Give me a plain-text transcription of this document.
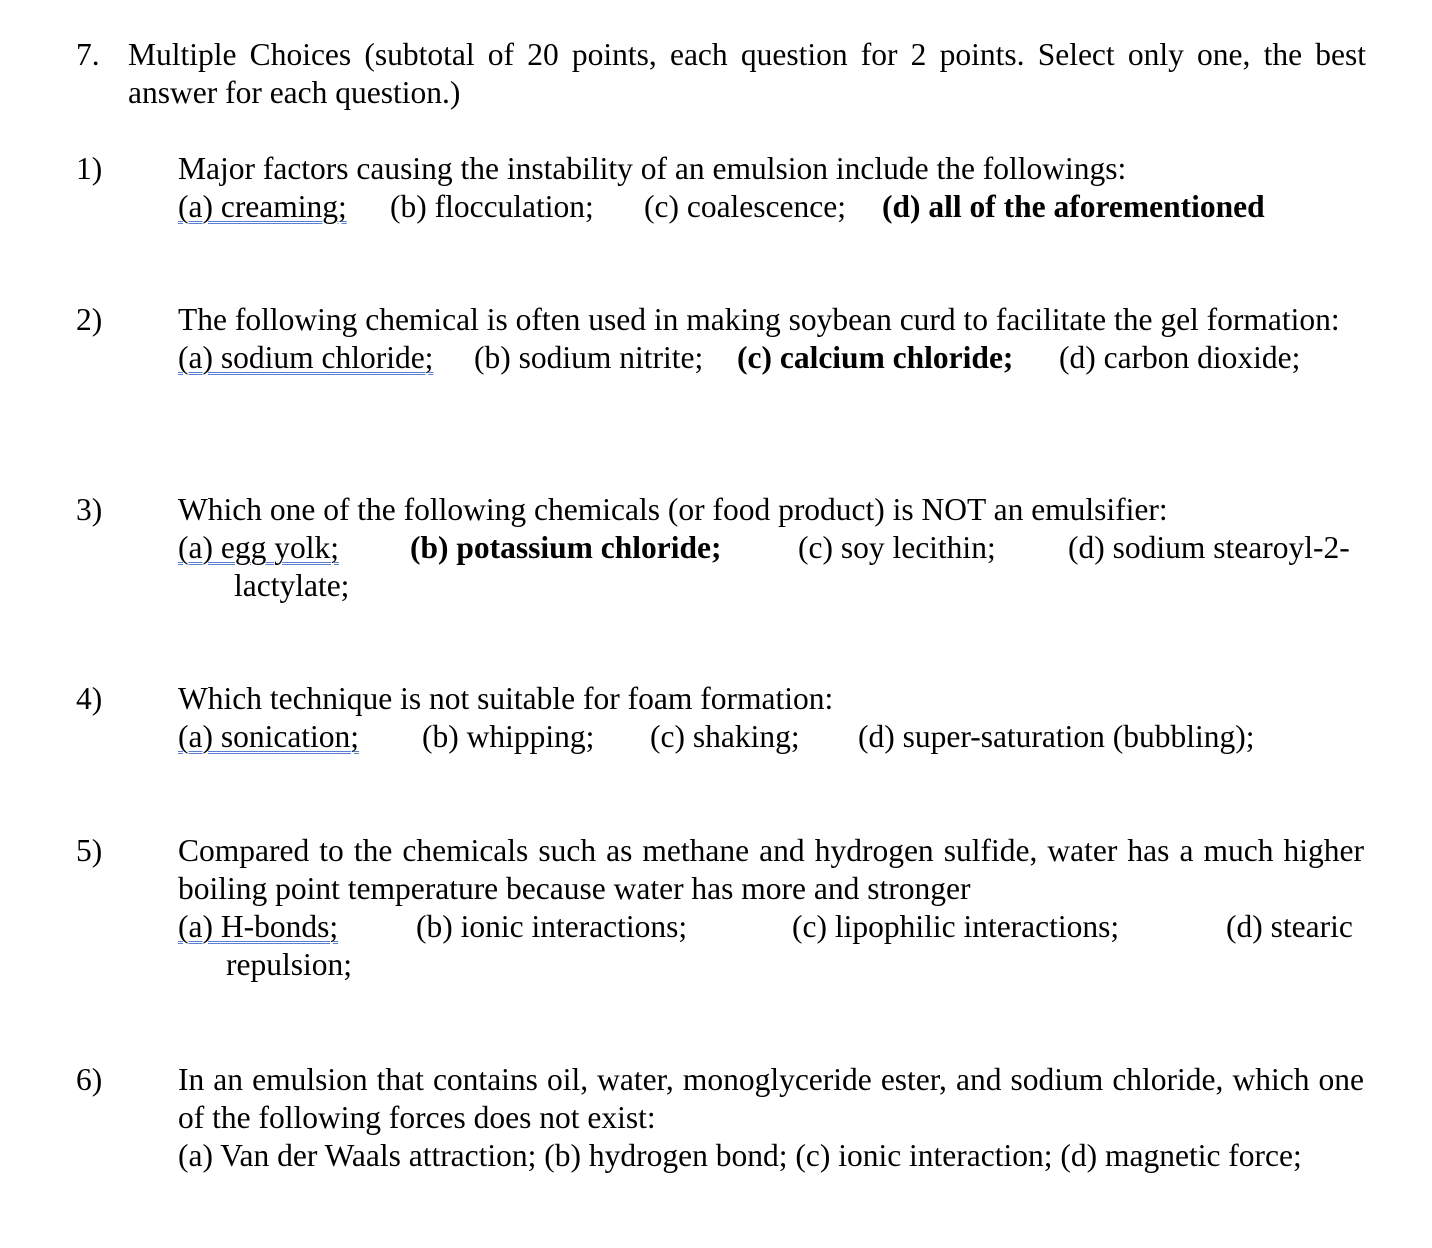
7. Multiple Choices (subtotal of 20 points, each question for 2 points. Select only one, the best answer for each question.)
1) Major factors causing the instability of an emulsion include the followings:
(a) creaming; (b) flocculation; (c) coalescence; (d) all of the aforementioned
2) The following chemical is often used in making soybean curd to facilitate the gel formation:
(a) sodium chloride; (b) sodium nitrite; (c) calcium chloride; (d) carbon dioxide;
3) Which one of the following chemicals (or food product) is NOT an emulsifier:
(a) egg yolk; (b) potassium chloride; (c) soy lecithin; (d) sodium stearoyl-2-
lactylate;
4) Which technique is not suitable for foam formation:
(a) sonication; (b) whipping; (c) shaking; (d) super-saturation (bubbling);
5) Compared to the chemicals such as methane and hydrogen sulfide, water has a much higher boiling point temperature because water has more and stronger
(a) H-bonds; (b) ionic interactions;	(c) lipophilic interactions;	(d) stearic
repulsion;
6) In an emulsion that contains oil, water, monoglyceride ester, and sodium chloride, which one of the following forces does not exist:
(a) Van der Waals attraction; (b) hydrogen bond; (c) ionic interaction; (d) magnetic force;
